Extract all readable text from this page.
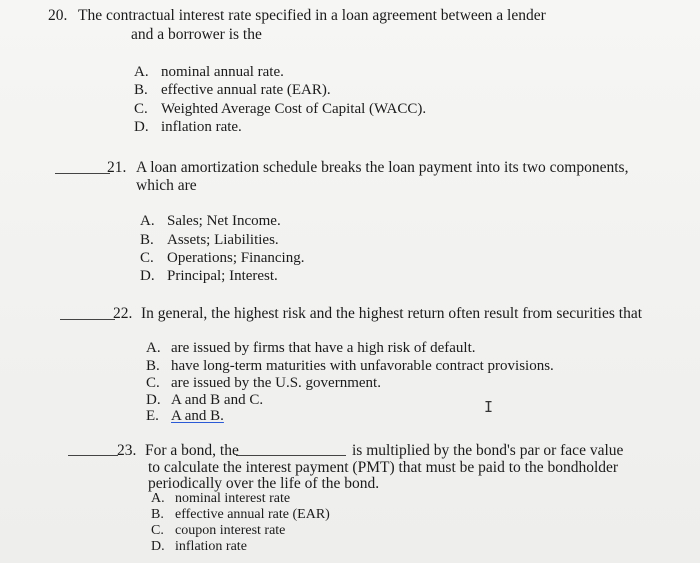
20. The contractual interest rate specified in a loan agreement between a lender
and a borrower is the
A. nominal annual rate.
B. effective annual rate (EAR).
C. Weighted Average Cost of Capital (WACC).
D. inflation rate.
21. A loan amortization schedule breaks the loan payment into its two components,
which are
A. Sales; Net Income.
B. Assets; Liabilities.
C. Operations; Financing.
D. Principal; Interest.
22. In general, the highest risk and the highest return often result from securities that
A. are issued by firms that have a high risk of default.
B. have long-term maturities with unfavorable contract provisions.
C. are issued by the U.S. government.
D. A and B and C.
E. A and B.	I
23. For a bond, the	is multiplied by the bond's par or face value
to calculate the interest payment (PMT) that must be paid to the bondholder
periodically over the life of the bond.
A. nominal interest rate
B. effective annual rate (EAR)
C. coupon interest rate
D. inflation rate
